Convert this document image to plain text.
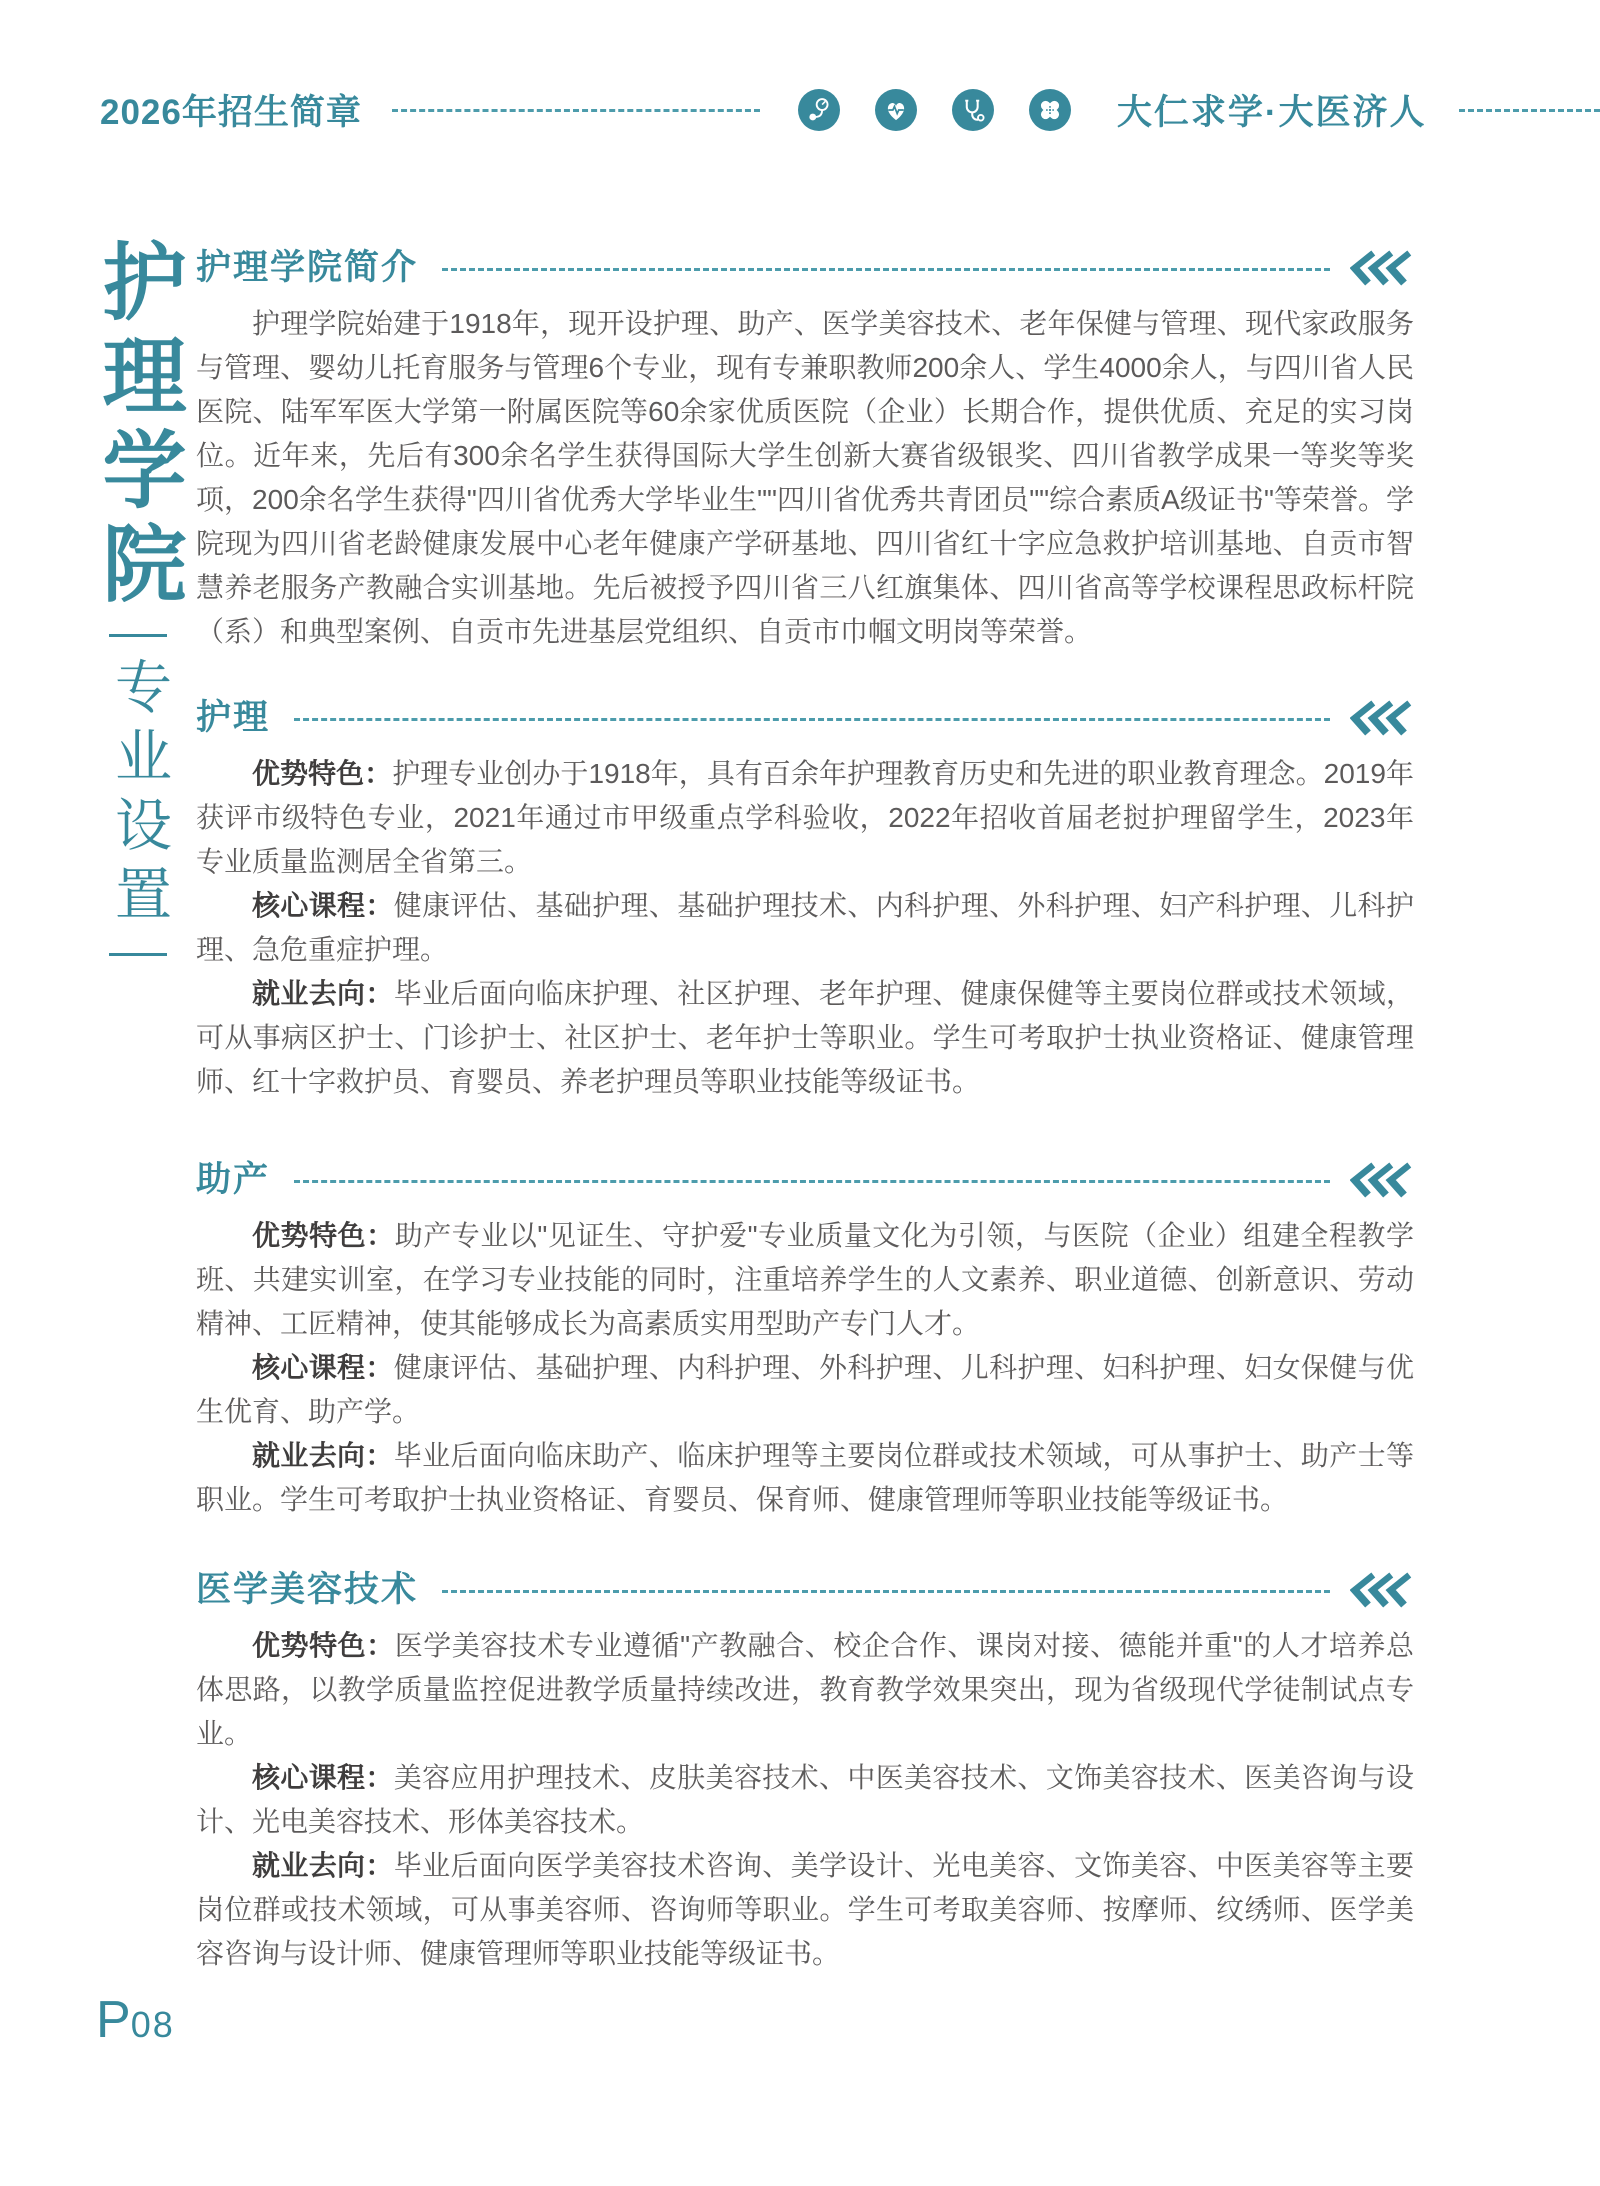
2026年招生简章	大仁求学·大医济人
护理学院
专业设置
护理学院简介

护理学院始建于1918年，现开设护理、助产、医学美容技术、老年保健与管理、现代家政服务与管理、婴幼儿托育服务与管理6个专业，现有专兼职教师200余人、学生4000余人，与四川省人民医院、陆军军医大学第一附属医院等60余家优质医院（企业）长期合作，提供优质、充足的实习岗位。近年来，先后有300余名学生获得国际大学生创新大赛省级银奖、四川省教学成果一等奖等奖项，200余名学生获得"四川省优秀大学毕业生""四川省优秀共青团员""综合素质A级证书"等荣誉。学院现为四川省老龄健康发展中心老年健康产学研基地、四川省红十字应急救护培训基地、自贡市智慧养老服务产教融合实训基地。先后被授予四川省三八红旗集体、四川省高等学校课程思政标杆院（系）和典型案例、自贡市先进基层党组织、自贡市巾帼文明岗等荣誉。

护理

优势特色：护理专业创办于1918年，具有百余年护理教育历史和先进的职业教育理念。2019年获评市级特色专业，2021年通过市甲级重点学科验收，2022年招收首届老挝护理留学生，2023年专业质量监测居全省第三。

核心课程：健康评估、基础护理、基础护理技术、内科护理、外科护理、妇产科护理、儿科护理、急危重症护理。

就业去向：毕业后面向临床护理、社区护理、老年护理、健康保健等主要岗位群或技术领域，可从事病区护士、门诊护士、社区护士、老年护士等职业。学生可考取护士执业资格证、健康管理师、红十字救护员、育婴员、养老护理员等职业技能等级证书。

助产

优势特色：助产专业以"见证生、守护爱"专业质量文化为引领，与医院（企业）组建全程教学班、共建实训室，在学习专业技能的同时，注重培养学生的人文素养、职业道德、创新意识、劳动精神、工匠精神，使其能够成长为高素质实用型助产专门人才。

核心课程：健康评估、基础护理、内科护理、外科护理、儿科护理、妇科护理、妇女保健与优生优育、助产学。

就业去向：毕业后面向临床助产、临床护理等主要岗位群或技术领域，可从事护士、助产士等职业。学生可考取护士执业资格证、育婴员、保育师、健康管理师等职业技能等级证书。

医学美容技术

优势特色：医学美容技术专业遵循"产教融合、校企合作、课岗对接、德能并重"的人才培养总体思路，以教学质量监控促进教学质量持续改进，教育教学效果突出，现为省级现代学徒制试点专业。

核心课程：美容应用护理技术、皮肤美容技术、中医美容技术、文饰美容技术、医美咨询与设计、光电美容技术、形体美容技术。

就业去向：毕业后面向医学美容技术咨询、美学设计、光电美容、文饰美容、中医美容等主要岗位群或技术领域，可从事美容师、咨询师等职业。学生可考取美容师、按摩师、纹绣师、医学美容咨询与设计师、健康管理师等职业技能等级证书。

P 08
